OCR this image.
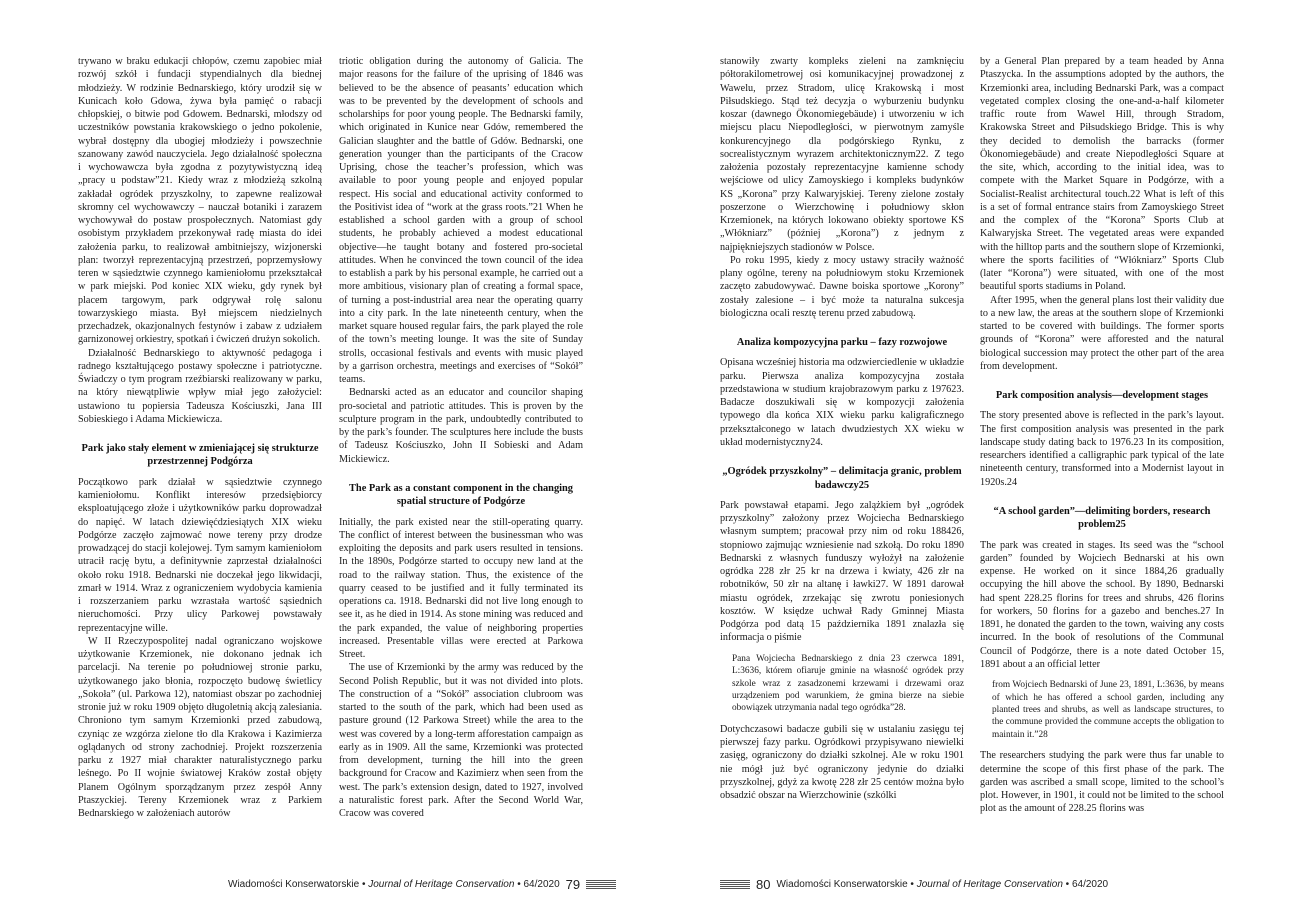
trywano w braku edukacji chłopów, czemu zapobiec miał rozwój szkół i fundacji stypendialnych dla biednej młodzieży. W rodzinie Bednarskiego, który urodził się w Kunicach koło Gdowa, żywa była pamięć o rabacji chłopskiej, o bitwie pod Gdowem. Bednarski, młodszy od uczestników powstania krakowskiego o jedno pokolenie, wybrał dostępny dla ubogiej młodzieży i powszechnie szanowany zawód nauczyciela. Jego działalność społeczna i wychowawcza była zgodna z pozytywistyczną ideą „pracy u podstaw”21. Kiedy wraz z młodzieżą szkolną zakładał ogródek przyszkolny, to zapewne realizował skromny cel wychowawczy – nauczał botaniki i zarazem wychowywał do postaw prospołecznych. Natomiast gdy osobistym przykładem przekonywał radę miasta do idei założenia parku, to realizował ambitniejszy, wizjonerski plan: tworzył reprezentacyjną przestrzeń, poprzemysłowy teren w sąsiedztwie czynnego kamieniołomu przekształcał w park miejski. Pod koniec XIX wieku, gdy rynek był placem targowym, park odgrywał rolę salonu towarzyskiego miasta. Był miejscem niedzielnych przechadzek, okazjonalnych festynów i zabaw z udziałem garnizonowej orkiestry, spotkań i ćwiczeń drużyn sokolich.

Działalność Bednarskiego to aktywność pedagoga i radnego kształtującego postawy społeczne i patriotyczne. Świadczy o tym program rzeźbiarski realizowany w parku, na który niewątpliwie wpływ miał jego założyciel: ustawiono tu popiersia Tadeusza Kościuszki, Jana III Sobieskiego i Adama Mickiewicza.

Park jako stały element w zmieniającej się strukturze przestrzennej Podgórza

Początkowo park działał w sąsiedztwie czynnego kamieniołomu. Konflikt interesów przedsiębiorcy eksploatującego złoże i użytkowników parku doprowadzał do napięć. W latach dziewięćdziesiątych XIX wieku Podgórze zaczęło zajmować nowe tereny przy drodze prowadzącej do stacji kolejowej. Tym samym kamieniołom utracił rację bytu, a definitywnie zaprzestał działalności około roku 1918. Bednarski nie doczekał jego likwidacji, zmarł w 1914. Wraz z ograniczeniem wydobycia kamienia i rozszerzaniem parku wzrastała wartość sąsiednich nieruchomości. Przy ulicy Parkowej powstawały reprezentacyjne wille.

W II Rzeczypospolitej nadal ograniczano wojskowe użytkowanie Krzemionek, nie dokonano jednak ich parcelacji. Na terenie po południowej stronie parku, użytkowanego jako błonia, rozpoczęto budowę świetlicy „Sokoła” (ul. Parkowa 12), natomiast obszar po zachodniej stronie już w roku 1909 objęto długoletnią akcją zalesiania. Chroniono tym samym Krzemionki przed zabudową, czyniąc ze wzgórza zielone tło dla Krakowa i Kazimierza oglądanych od strony zachodniej. Projekt rozszerzenia parku z 1927 miał charakter naturalistycznego parku leśnego. Po II wojnie światowej Kraków został objęty Planem Ogólnym sporządzanym przez zespół Anny Ptaszyckiej. Tereny Krzemionek wraz z Parkiem Bednarskiego w założeniach autorów

triotic obligation during the autonomy of Galicia. The major reasons for the failure of the uprising of 1846 was believed to be the absence of peasants’ education which was to be prevented by the development of schools and scholarships for poor young people. The Bednarski family, which originated in Kunice near Gdów, remembered the Galician slaughter and the battle of Gdów. Bednarski, one generation younger than the participants of the Cracow Uprising, chose the teacher’s profession, which was available to poor young people and enjoyed popular respect. His social and educational activity conformed to the Positivist idea of “work at the grass roots.”21 When he established a school garden with a group of school students, he probably achieved a modest educational objective—he taught botany and fostered pro-societal attitudes. When he convinced the town council of the idea to establish a park by his personal example, he carried out a more ambitious, visionary plan of creating a formal space, of turning a post-industrial area near the operating quarry into a city park. In the late nineteenth century, when the market square housed regular fairs, the park played the role of the town’s meeting lounge. It was the site of Sunday strolls, occasional festivals and events with music played by a garrison orchestra, meetings and exercises of “Sokół” teams.

Bednarski acted as an educator and councilor shaping pro-societal and patriotic attitudes. This is proven by the sculpture program in the park, undoubtedly contributed to by the park’s founder. The sculptures here include the busts of Tadeusz Kościuszko, John II Sobieski and Adam Mickiewicz.

The Park as a constant component in the changing spatial structure of Podgórze

Initially, the park existed near the still-operating quarry. The conflict of interest between the businessman who was exploiting the deposits and park users resulted in tensions. In the 1890s, Podgórze started to occupy new land at the road to the railway station. Thus, the existence of the quarry ceased to be justified and it fully terminated its operations ca. 1918. Bednarski did not live long enough to see it, as he died in 1914. As stone mining was reduced and the park expanded, the value of neighboring properties increased. Presentable villas were erected at Parkowa Street.

The use of Krzemionki by the army was reduced by the Second Polish Republic, but it was not divided into plots. The construction of a “Sokół” association clubroom was started to the south of the park, which had been used as pasture ground (12 Parkowa Street) while the area to the west was covered by a long-term afforestation campaign as early as in 1909. All the same, Krzemionki was protected from development, turning the hill into the green background for Cracow and Kazimierz when seen from the west. The park’s extension design, dated to 1927, involved a naturalistic forest park. After the Second World War, Cracow was covered

Wiadomości Konserwatorskie • Journal of Heritage Conservation • 64/2020 79

stanowiły zwarty kompleks zieleni na zamknięciu półtorakilometrowej osi komunikacyjnej prowadzonej z Wawelu, przez Stradom, ulicę Krakowską i most Piłsudskiego. Stąd też decyzja o wyburzeniu budynku koszar (dawnego Ökonomiegebäude) i utworzeniu w ich miejscu placu Niepodległości, w pierwotnym zamyśle konkurencyjnego dla podgórskiego Rynku, z socrealistycznym wyrazem architektonicznym22. Z tego założenia pozostały reprezentacyjne kamienne schody wejściowe od ulicy Zamoyskiego i kompleks budynków KS „Korona” przy Kalwaryjskiej. Tereny zielone zostały poszerzone o Wierzchowinę i południowy skłon Krzemionek, na których lokowano obiekty sportowe KS „Włókniarz” (później „Korona”) z jednym z najpiękniejszych stadionów w Polsce.

Po roku 1995, kiedy z mocy ustawy straciły ważność plany ogólne, tereny na południowym stoku Krzemionek zaczęto zabudowywać. Dawne boiska sportowe „Korony” zostały zalesione – i być może ta naturalna sukcesja biologiczna ocali resztę terenu przed zabudową.

Analiza kompozycyjna parku – fazy rozwojowe

Opisana wcześniej historia ma odzwierciedlenie w układzie parku. Pierwsza analiza kompozycyjna została przedstawiona w studium krajobrazowym parku z 197623. Badacze doszukiwali się w kompozycji założenia typowego dla końca XIX wieku parku kaligraficznego przekształconego w latach dwudziestych XX wieku w układ modernistyczny24.

„Ogródek przyszkolny” – delimitacja granic, problem badawczy25

Park powstawał etapami. Jego zalążkiem był „ogródek przyszkolny” założony przez Wojciecha Bednarskiego własnym sumptem; pracował przy nim od roku 188426, stopniowo zajmując wzniesienie nad szkołą. Do roku 1890 Bednarski z własnych funduszy wyłożył na założenie ogródka 228 złr 25 kr na drzewa i kwiaty, 426 złr na robotników, 50 złr na altanę i ławki27. W 1891 darował miastu ogródek, zrzekając się zwrotu poniesionych kosztów. W księdze uchwał Rady Gminnej Miasta Podgórza pod datą 15 października 1891 znalazła się informacja o piśmie

Pana Wojciecha Bednarskiego z dnia 23 czerwca 1891, L:3636, którem ofiaruje gminie na własność ogródek przy szkole wraz z zasadzonemi krzewami i drzewami oraz urządzeniem pod warunkiem, że gmina bierze na siebie obowiązek utrzymania nadal tego ogródka”28.

Dotychczasowi badacze gubili się w ustalaniu zasięgu tej pierwszej fazy parku. Ogródkowi przypisywano niewielki zasięg, ograniczony do działki szkolnej. Ale w roku 1901 nie mógł już być ograniczony jedynie do działki przyszkolnej, gdyż za kwotę 228 złr 25 centów można było obsadzić obszar na Wierzchowinie (szkólki

by a General Plan prepared by a team headed by Anna Ptaszycka. In the assumptions adopted by the authors, the Krzemionki area, including Bednarski Park, was a compact vegetated complex closing the one-and-a-half kilometer traffic route from Wawel Hill, through Stradom, Krakowska Street and Piłsudskiego Bridge. This is why they decided to demolish the barracks (former Ökonomiegebäude) and create Niepodległości Square at the site, which, according to the initial idea, was to compete with the Market Square in Podgórze, with a Socialist-Realist architectural touch.22 What is left of this is a set of formal entrance stairs from Zamoyskiego Street and the complex of the “Korona” Sports Club at Kalwaryjska Street. The vegetated areas were expanded with the hilltop parts and the southern slope of Krzemionki, where the sports facilities of “Włókniarz” Sports Club (later “Korona”) were situated, with one of the most beautiful sports stadiums in Poland.

After 1995, when the general plans lost their validity due to a new law, the areas at the southern slope of Krzemionki started to be covered with buildings. The former sports grounds of “Korona” were afforested and the natural biological succession may protect the other part of the area from development.

Park composition analysis—development stages

The story presented above is reflected in the park’s layout. The first composition analysis was presented in the park landscape study dating back to 1976.23 In its composition, researchers identified a calligraphic park typical of the late nineteenth century, transformed into a Modernist layout in 1920s.24

“A school garden”—delimiting borders, research problem25

The park was created in stages. Its seed was the “school garden” founded by Wojciech Bednarski at his own expense. He worked on it since 1884,26 gradually occupying the hill above the school. By 1890, Bednarski had spent 228.25 florins for trees and shrubs, 426 florins for workers, 50 florins for a gazebo and benches.27 In 1891, he donated the garden to the town, waiving any costs incurred. In the book of resolutions of the Communal Council of Podgórze, there is a note dated October 15, 1891 about a an official letter

from Wojciech Bednarski of June 23, 1891, L:3636, by means of which he has offered a school garden, including any planted trees and shrubs, as well as landscape structures, to the commune provided the commune accepts the obligation to maintain it.”28

The researchers studying the park were thus far unable to determine the scope of this first phase of the park. The garden was ascribed a small scope, limited to the school’s plot. However, in 1901, it could not be limited to the school plot as the amount of 228.25 florins was

80 Wiadomości Konserwatorskie • Journal of Heritage Conservation • 64/2020
